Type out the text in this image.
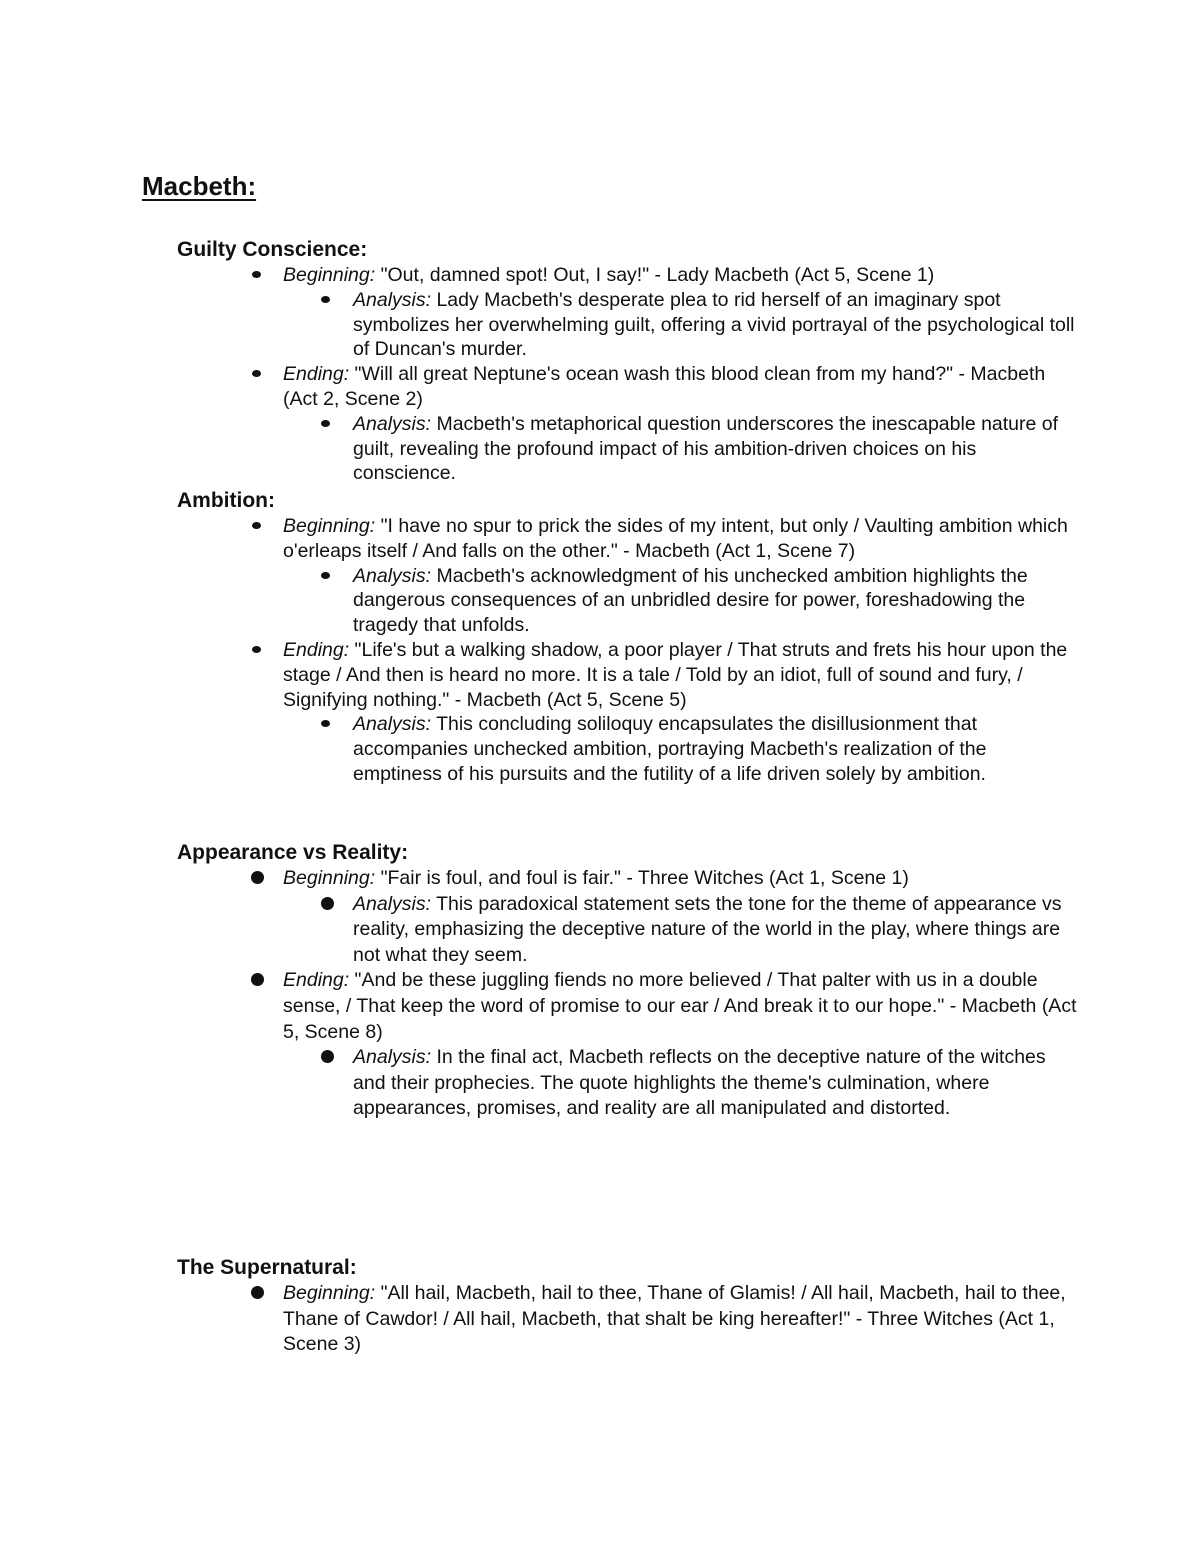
Macbeth:
Guilty Conscience:
Beginning: "Out, damned spot! Out, I say!" - Lady Macbeth (Act 5, Scene 1)
Analysis: Lady Macbeth's desperate plea to rid herself of an imaginary spot symbolizes her overwhelming guilt, offering a vivid portrayal of the psychological toll of Duncan's murder.
Ending: "Will all great Neptune's ocean wash this blood clean from my hand?" - Macbeth (Act 2, Scene 2)
Analysis: Macbeth's metaphorical question underscores the inescapable nature of guilt, revealing the profound impact of his ambition-driven choices on his conscience.
Ambition:
Beginning: "I have no spur to prick the sides of my intent, but only / Vaulting ambition which o'erleaps itself / And falls on the other." - Macbeth (Act 1, Scene 7)
Analysis: Macbeth's acknowledgment of his unchecked ambition highlights the dangerous consequences of an unbridled desire for power, foreshadowing the tragedy that unfolds.
Ending: "Life's but a walking shadow, a poor player / That struts and frets his hour upon the stage / And then is heard no more. It is a tale / Told by an idiot, full of sound and fury, / Signifying nothing." - Macbeth (Act 5, Scene 5)
Analysis: This concluding soliloquy encapsulates the disillusionment that accompanies unchecked ambition, portraying Macbeth's realization of the emptiness of his pursuits and the futility of a life driven solely by ambition.
Appearance vs Reality:
Beginning: "Fair is foul, and foul is fair." - Three Witches (Act 1, Scene 1)
Analysis: This paradoxical statement sets the tone for the theme of appearance vs reality, emphasizing the deceptive nature of the world in the play, where things are not what they seem.
Ending: "And be these juggling fiends no more believed / That palter with us in a double sense, / That keep the word of promise to our ear / And break it to our hope." - Macbeth (Act 5, Scene 8)
Analysis: In the final act, Macbeth reflects on the deceptive nature of the witches and their prophecies. The quote highlights the theme's culmination, where appearances, promises, and reality are all manipulated and distorted.
The Supernatural:
Beginning: "All hail, Macbeth, hail to thee, Thane of Glamis! / All hail, Macbeth, hail to thee, Thane of Cawdor! / All hail, Macbeth, that shalt be king hereafter!" - Three Witches (Act 1, Scene 3)
